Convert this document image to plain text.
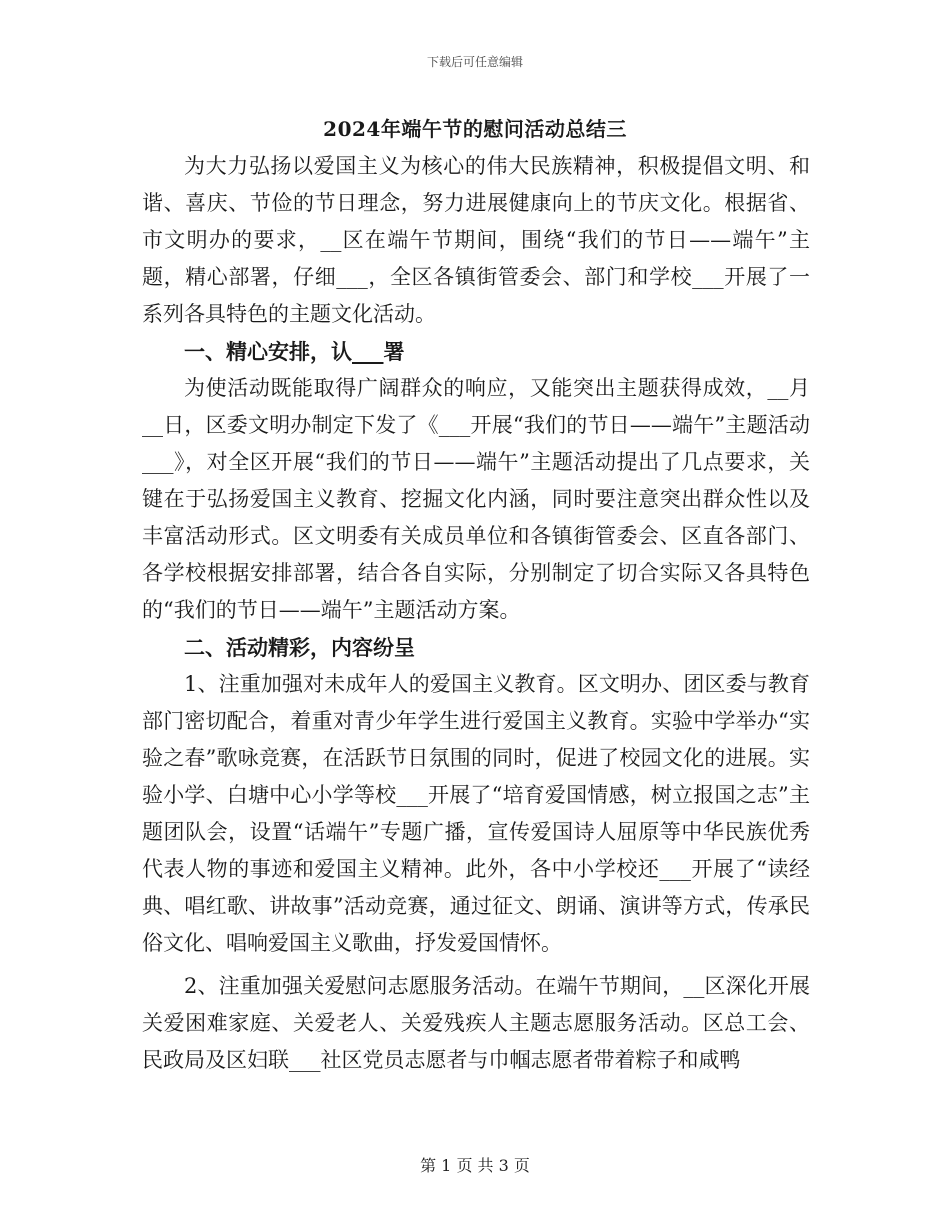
下载后可任意编辑
2024年端午节的慰问活动总结三

为大力弘扬以爱国主义为核心的伟大民族精神，积极提倡文明、和谐、喜庆、节俭的节日理念，努力进展健康向上的节庆文化。根据省、市文明办的要求，__区在端午节期间，围绕“我们的节日——端午”主题，精心部署，仔细___，全区各镇街管委会、部门和学校___开展了一系列各具特色的主题文化活动。

一、精心安排，认___署

为使活动既能取得广阔群众的响应，又能突出主题获得成效，__月__日，区委文明办制定下发了《___开展“我们的节日——端午”主题活动___》，对全区开展“我们的节日——端午”主题活动提出了几点要求，关键在于弘扬爱国主义教育、挖掘文化内涵，同时要注意突出群众性以及丰富活动形式。区文明委有关成员单位和各镇街管委会、区直各部门、各学校根据安排部署，结合各自实际，分别制定了切合实际又各具特色的“我们的节日——端午”主题活动方案。

二、活动精彩，内容纷呈

1、注重加强对未成年人的爱国主义教育。区文明办、团区委与教育部门密切配合，着重对青少年学生进行爱国主义教育。实验中学举办“实验之春”歌咏竞赛，在活跃节日氛围的同时，促进了校园文化的进展。实验小学、白塘中心小学等校___开展了“培育爱国情感，树立报国之志”主题团队会，设置“话端午”专题广播，宣传爱国诗人屈原等中华民族优秀代表人物的事迹和爱国主义精神。此外，各中小学校还___开展了“读经典、唱红歌、讲故事”活动竞赛，通过征文、朗诵、演讲等方式，传承民俗文化、唱响爱国主义歌曲，抒发爱国情怀。

2、注重加强关爱慰问志愿服务活动。在端午节期间，__区深化开展关爱困难家庭、关爱老人、关爱残疾人主题志愿服务活动。区总工会、民政局及区妇联___社区党员志愿者与巾帼志愿者带着粽子和咸鸭

第 1 页 共 3 页
